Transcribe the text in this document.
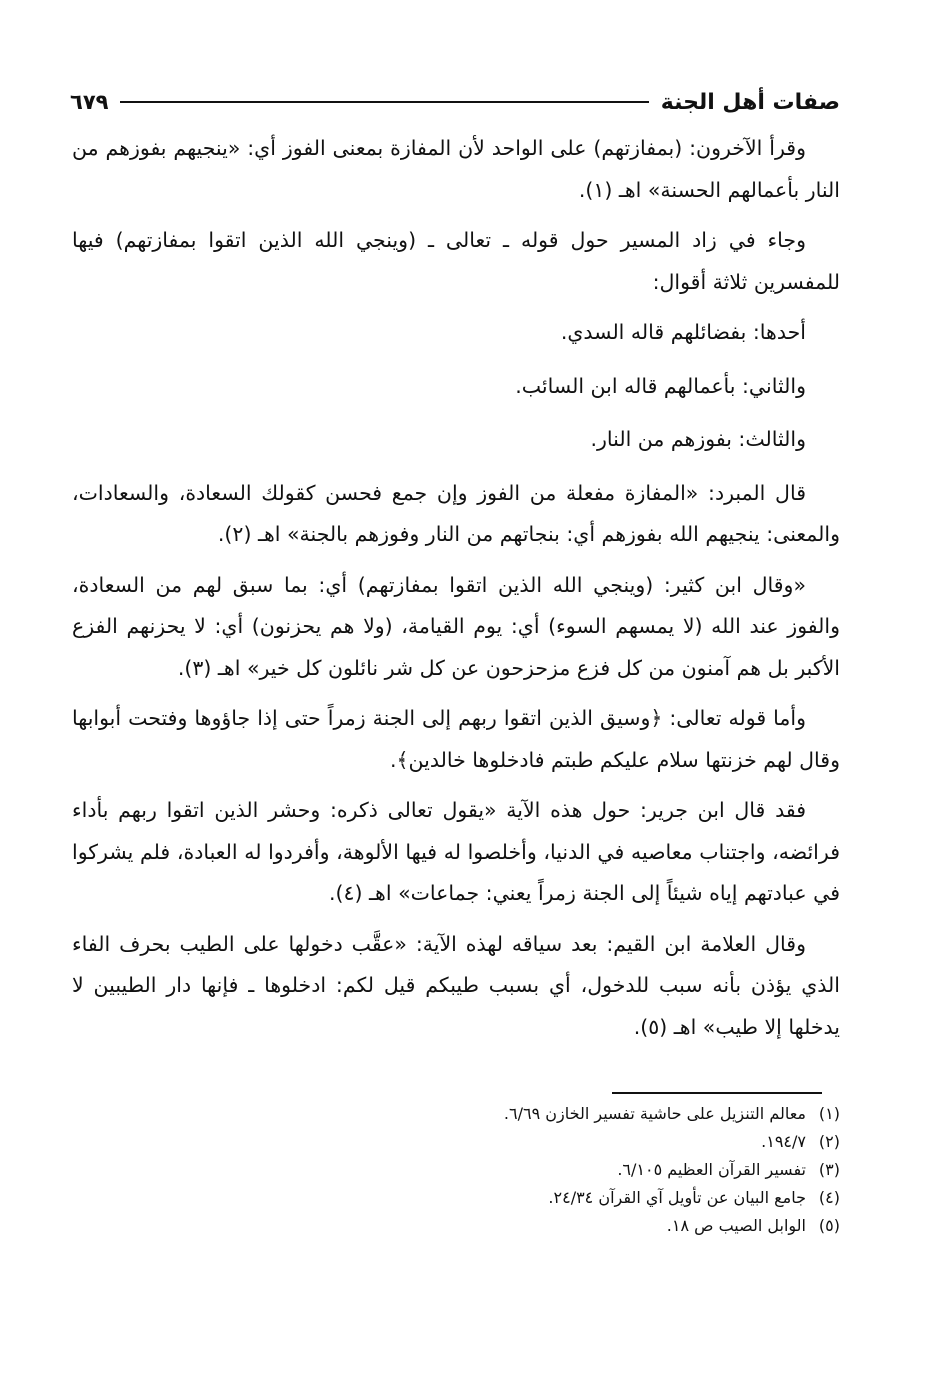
صفات أهل الجنة
٦٧٩

وقرأ الآخرون: (بمفازتهم) على الواحد لأن المفازة بمعنى الفوز أي: «ينجيهم بفوزهم من النار بأعمالهم الحسنة» اهـ (١).

وجاء في زاد المسير حول قوله ـ تعالى ـ (وينجي الله الذين اتقوا بمفازتهم) فيها للمفسرين ثلاثة أقوال:

أحدها: بفضائلهم قاله السدي.

والثاني: بأعمالهم قاله ابن السائب.

والثالث: بفوزهم من النار.

قال المبرد: «المفازة مفعلة من الفوز وإن جمع فحسن كقولك السعادة، والسعادات، والمعنى: ينجيهم الله بفوزهم أي: بنجاتهم من النار وفوزهم بالجنة» اهـ (٢).

«وقال ابن كثير: (وينجي الله الذين اتقوا بمفازتهم) أي: بما سبق لهم من السعادة، والفوز عند الله (لا يمسهم السوء) أي: يوم القيامة، (ولا هم يحزنون) أي: لا يحزنهم الفزع الأكبر بل هم آمنون من كل فزع مزحزحون عن كل شر نائلون كل خير» اهـ (٣).

وأما قوله تعالى: ﴿وسيق الذين اتقوا ربهم إلى الجنة زمراً حتى إذا جاؤوها وفتحت أبوابها وقال لهم خزنتها سلام عليكم طبتم فادخلوها خالدين﴾.

فقد قال ابن جرير: حول هذه الآية «يقول تعالى ذكره: وحشر الذين اتقوا ربهم بأداء فرائضه، واجتناب معاصيه في الدنيا، وأخلصوا له فيها الألوهة، وأفردوا له العبادة، فلم يشركوا في عبادتهم إياه شيئاً إلى الجنة زمراً يعني: جماعات» اهـ (٤).

وقال العلامة ابن القيم: بعد سياقه لهذه الآية: «عقَّب دخولها على الطيب بحرف الفاء الذي يؤذن بأنه سبب للدخول، أي بسبب طيبكم قيل لكم: ادخلوها ـ فإنها دار الطيبين لا يدخلها إلا طيب» اهـ (٥).

(١)
معالم التنزيل على حاشية تفسير الخازن ٦/٦٩.
(٢)
١٩٤/٧.
(٣)
تفسير القرآن العظيم ٦/١٠٥.
(٤)
جامع البيان عن تأويل آي القرآن ٢٤/٣٤.
(٥)
الوابل الصيب ص ١٨.
